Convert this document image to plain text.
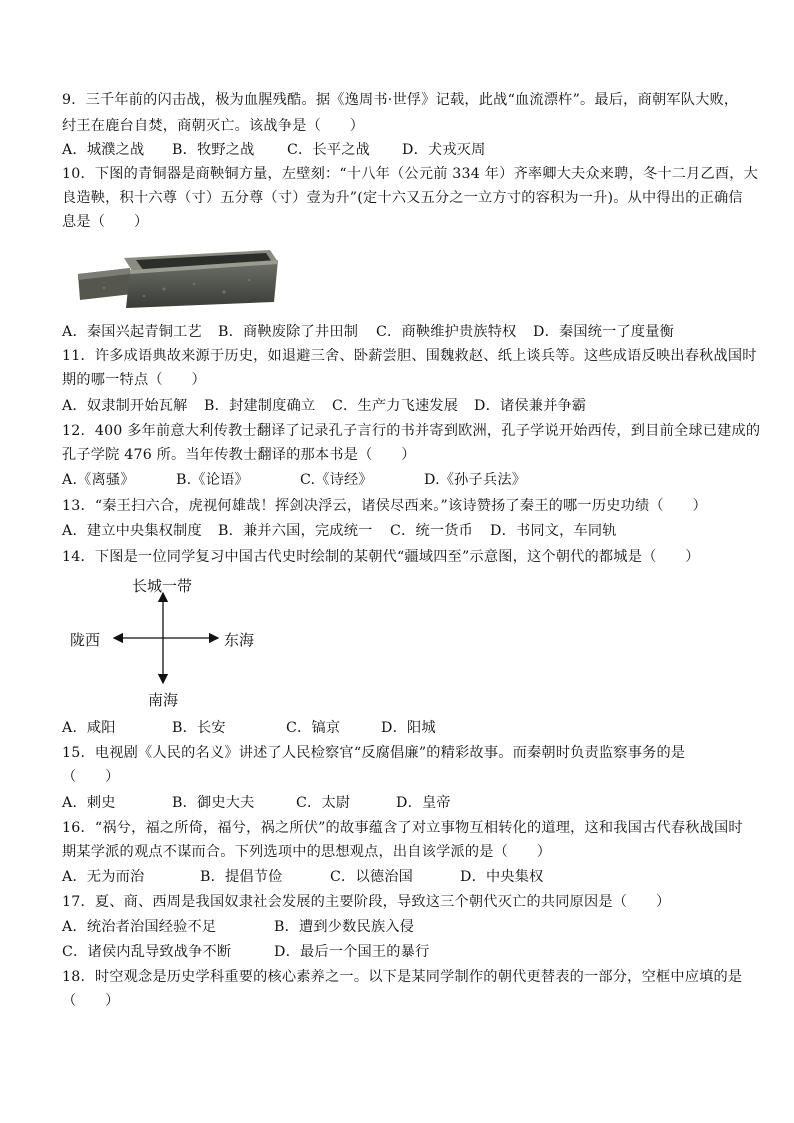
9．三千年前的闪击战，极为血腥残酷。据《逸周书·世俘》记载，此战“血流漂杵”。最后，商朝军队大败，
纣王在鹿台自焚，商朝灭亡。该战争是（　　）
A．城濮之战	B．牧野之战	C．长平之战	D．犬戎灭周
10．下图的青铜器是商鞅铜方量，左壁刻：“十八年（公元前 334 年）齐率卿大夫众来聘，冬十二月乙酉，大
良造鞅，积十六尊（寸）五分尊（寸）壹为升”(定十六又五分之一立方寸的容积为一升)。从中得出的正确信
息是（　　）
A．秦国兴起青铜工艺	B．商鞅废除了井田制	C．商鞅维护贵族特权	D．秦国统一了度量衡
11．许多成语典故来源于历史，如退避三舍、卧薪尝胆、围魏救赵、纸上谈兵等。这些成语反映出春秋战国时
期的哪一特点（　　）
A．奴隶制开始瓦解	B．封建制度确立	C．生产力飞速发展	D．诸侯兼并争霸
12．400 多年前意大利传教士翻译了记录孔子言行的书并寄到欧洲，孔子学说开始西传，到目前全球已建成的
孔子学院 476 所。当年传教士翻译的那本书是（　　）
A.《离骚》	B.《论语》	C.《诗经》	D.《孙子兵法》
13．“秦王扫六合，虎视何雄哉！挥剑决浮云，诸侯尽西来。”该诗赞扬了秦王的哪一历史功绩（　　）
A．建立中央集权制度	B．兼并六国，完成统一	C．统一货币	D．书同文，车同轨
14．下图是一位同学复习中国古代史时绘制的某朝代“疆域四至”示意图，这个朝代的都城是（　　）
长城一带
陇西	东海
南海
A．咸阳	B．长安	C．镐京	D．阳城
15．电视剧《人民的名义》讲述了人民检察官“反腐倡廉”的精彩故事。而秦朝时负责监察事务的是
（　　）
A．刺史	B．御史大夫	C．太尉	D．皇帝
16．“祸兮，福之所倚，福兮，祸之所伏”的故事蕴含了对立事物互相转化的道理，这和我国古代春秋战国时
期某学派的观点不谋而合。下列选项中的思想观点，出自该学派的是（　　）
A．无为而治	B．提倡节俭	C．以德治国	D．中央集权
17．夏、商、西周是我国奴隶社会发展的主要阶段，导致这三个朝代灭亡的共同原因是（　　）
A．统治者治国经验不足	B．遭到少数民族入侵
C．诸侯内乱导致战争不断	D．最后一个国王的暴行
18．时空观念是历史学科重要的核心素养之一。以下是某同学制作的朝代更替表的一部分，空框中应填的是
（　　）
